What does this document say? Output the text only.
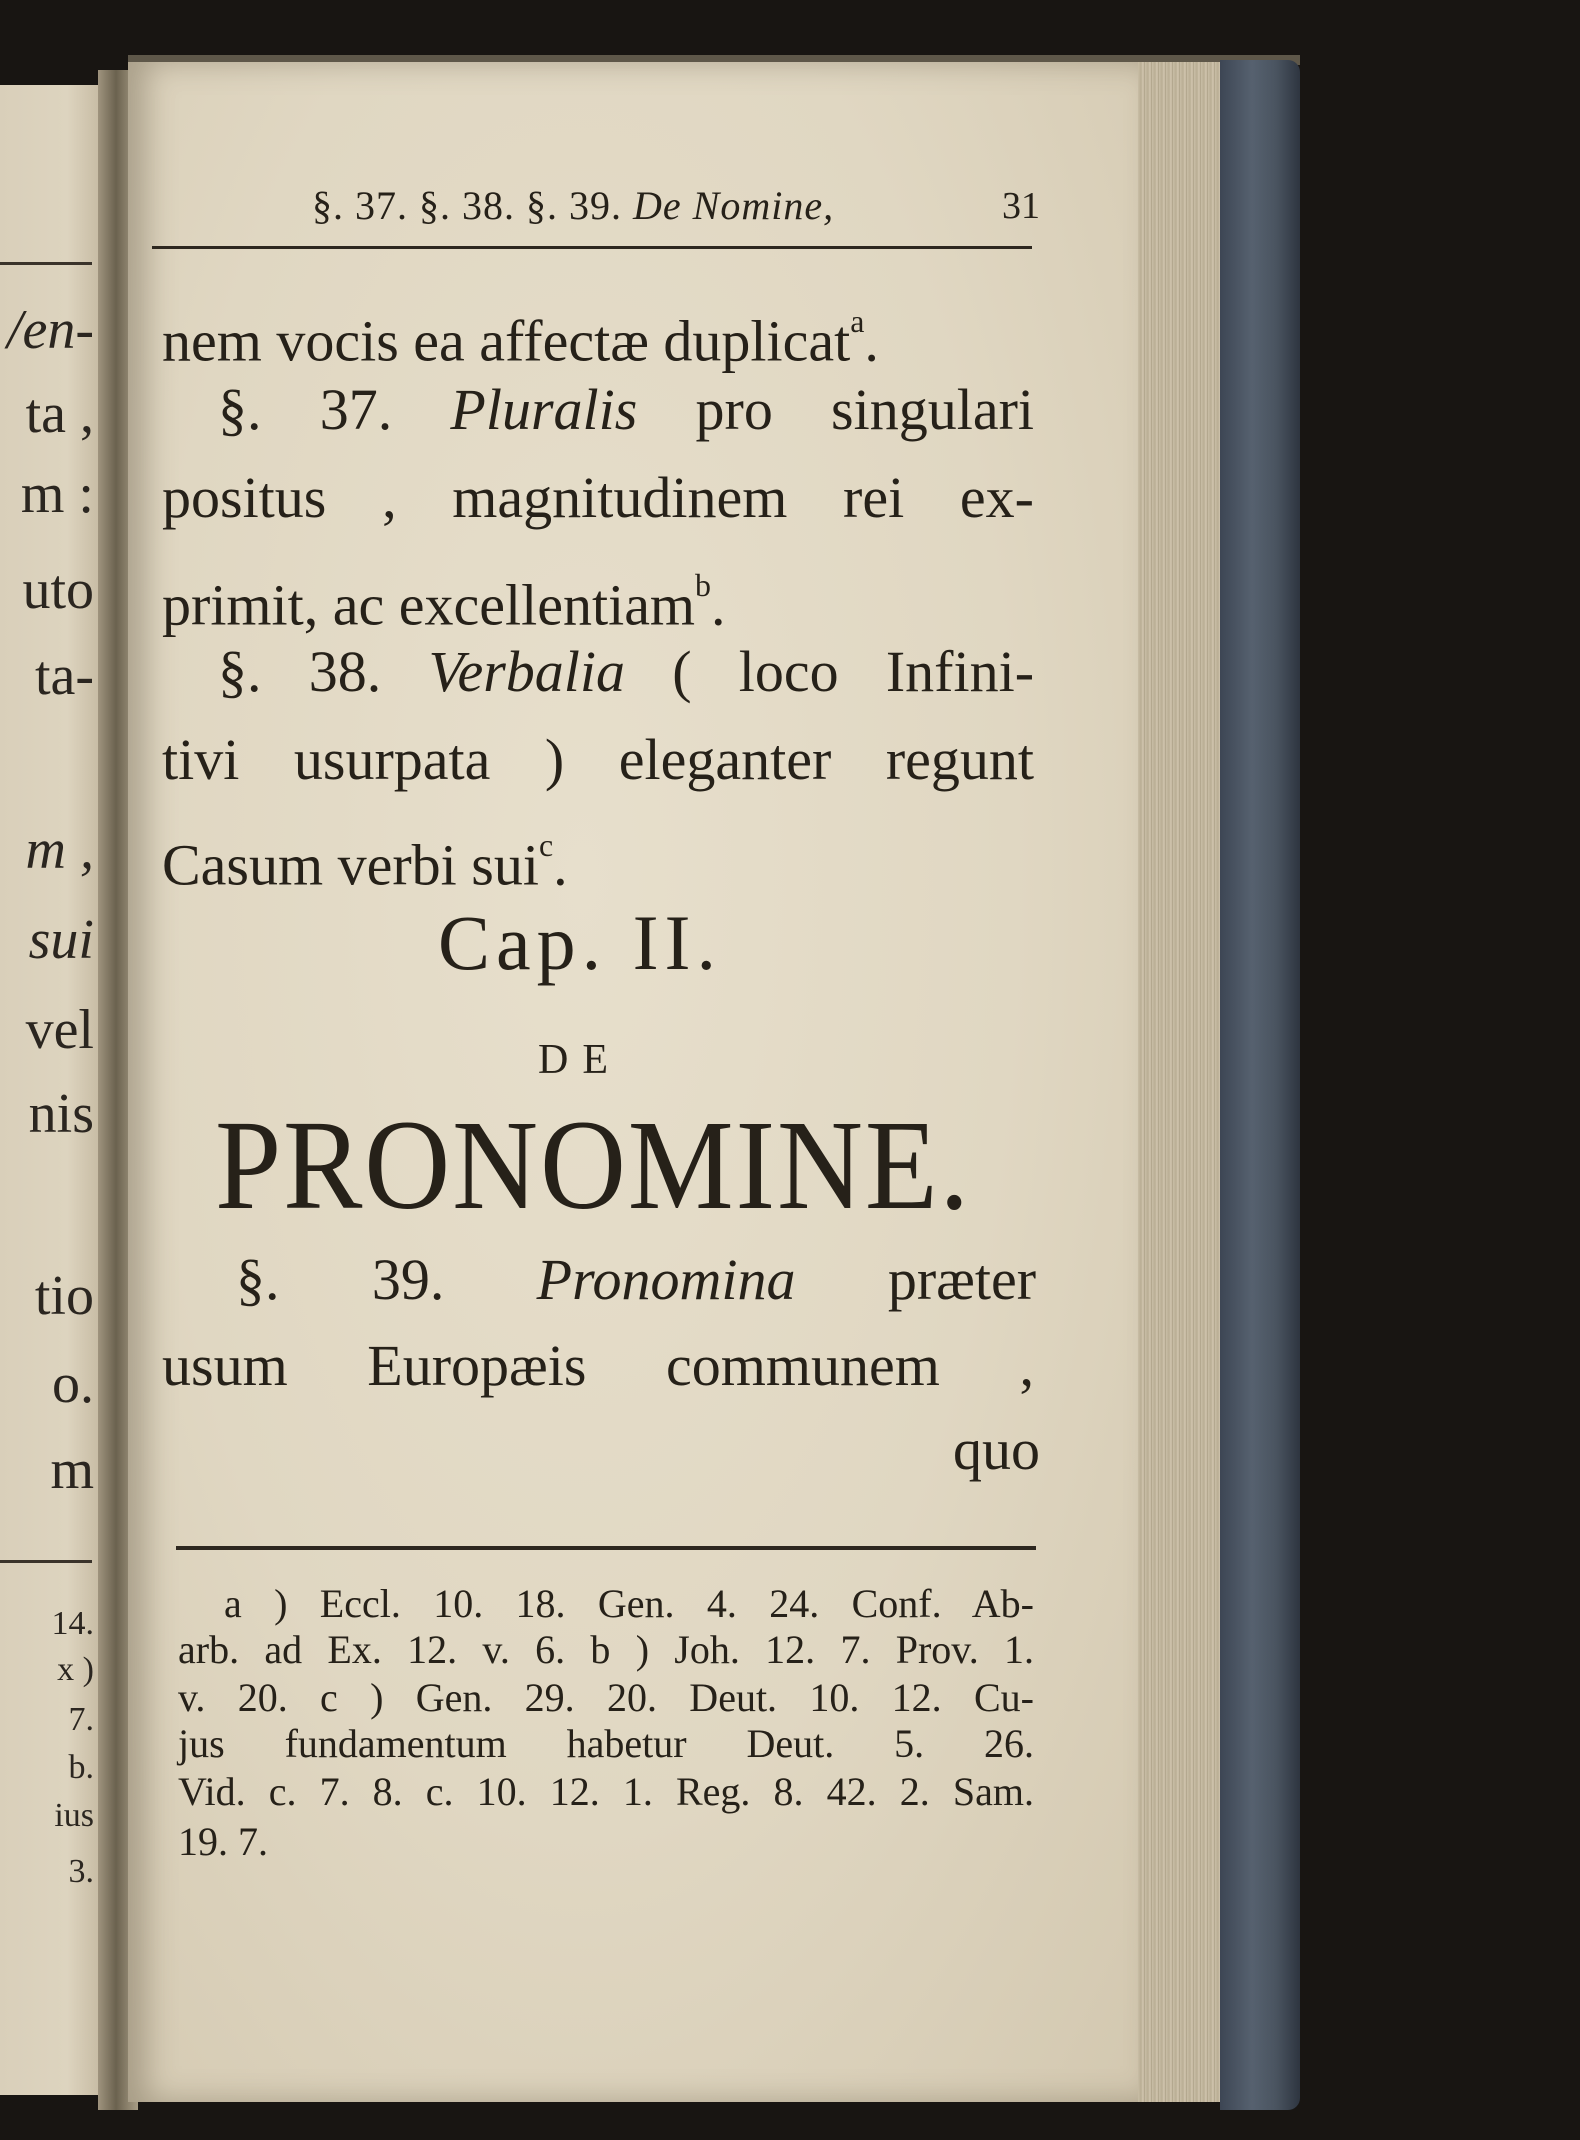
/en-
ta ,
m :
uto
ta-
m ,
sui
vel
nis
tio
o.
m
14.
x )
7.
b.
ius
3.
§. 37. §. 38. §. 39. De Nomine,	31
nem vocis ea affectæ duplicat$^a$.
§. 37. Pluralis pro singulari
positus , magnitudinem rei ex-
primit, ac excellentiam$^b$.
§. 38. Verbalia ( loco Infini-
tivi usurpata ) eleganter regunt
Casum verbi sui$^c$.
Cap. II.
DE
PRONOMINE.
§. 39. Pronomina præter
usum Europæis communem ,
quo
a ) Eccl. 10. 18. Gen. 4. 24. Conf. Ab-
arb. ad Ex. 12. v. 6. b ) Joh. 12. 7. Prov. 1.
v. 20. c ) Gen. 29. 20. Deut. 10. 12. Cu-
jus fundamentum habetur Deut. 5. 26.
Vid. c. 7. 8. c. 10. 12. 1. Reg. 8. 42. 2. Sam.
19. 7.
